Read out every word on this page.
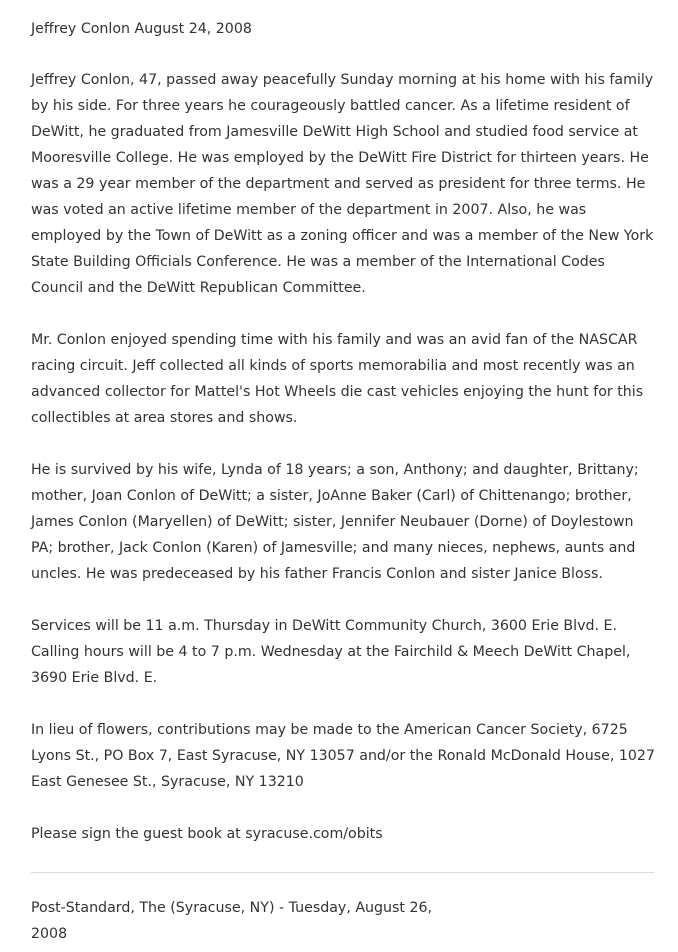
Jeffrey Conlon August 24, 2008

Jeffrey Conlon, 47, passed away peacefully Sunday morning at his home with his family by his side. For three years he courageously battled cancer. As a lifetime resident of DeWitt, he graduated from Jamesville DeWitt High School and studied food service at Mooresville College. He was employed by the DeWitt Fire District for thirteen years. He was a 29 year member of the department and served as president for three terms. He was voted an active lifetime member of the department in 2007. Also, he was employed by the Town of DeWitt as a zoning officer and was a member of the New York State Building Officials Conference. He was a member of the International Codes Council and the DeWitt Republican Committee.

Mr. Conlon enjoyed spending time with his family and was an avid fan of the NASCAR racing circuit. Jeff collected all kinds of sports memorabilia and most recently was an advanced collector for Mattel's Hot Wheels die cast vehicles enjoying the hunt for this collectibles at area stores and shows.

He is survived by his wife, Lynda of 18 years; a son, Anthony; and daughter, Brittany; mother, Joan Conlon of DeWitt; a sister, JoAnne Baker (Carl) of Chittenango; brother, James Conlon (Maryellen) of DeWitt; sister, Jennifer Neubauer (Dorne) of Doylestown PA; brother, Jack Conlon (Karen) of Jamesville; and many nieces, nephews, aunts and uncles. He was predeceased by his father Francis Conlon and sister Janice Bloss.

Services will be 11 a.m. Thursday in DeWitt Community Church, 3600 Erie Blvd. E. Calling hours will be 4 to 7 p.m. Wednesday at the Fairchild & Meech DeWitt Chapel, 3690 Erie Blvd. E.

In lieu of flowers, contributions may be made to the American Cancer Society, 6725 Lyons St., PO Box 7, East Syracuse, NY 13057 and/or the Ronald McDonald House, 1027 East Genesee St., Syracuse, NY 13210

Please sign the guest book at syracuse.com/obits

Post-Standard, The (Syracuse, NY) - Tuesday, August 26, 2008
